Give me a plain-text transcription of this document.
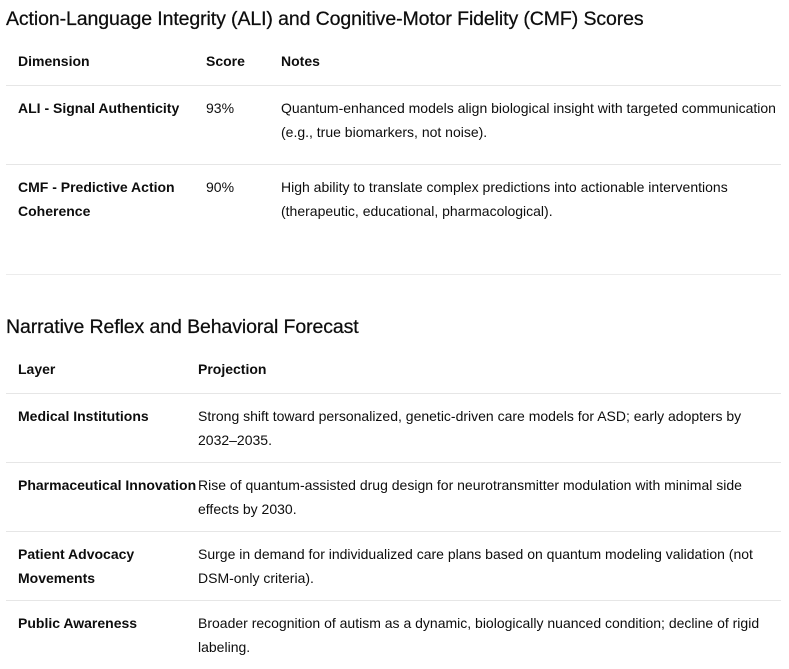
Action-Language Integrity (ALI) and Cognitive-Motor Fidelity (CMF) Scores
Dimension	Score	Notes
ALI - Signal Authenticity	93%	Quantum-enhanced models align biological insight with targeted communication (e.g., true biomarkers, not noise).
CMF - Predictive Action Coherence	90%	High ability to translate complex predictions into actionable interventions (therapeutic, educational, pharmacological).
Narrative Reflex and Behavioral Forecast
Layer	Projection
Medical Institutions	Strong shift toward personalized, genetic-driven care models for ASD; early adopters by 2032–2035.
Pharmaceutical Innovation	Rise of quantum-assisted drug design for neurotransmitter modulation with minimal side effects by 2030.
Patient Advocacy Movements	Surge in demand for individualized care plans based on quantum modeling validation (not DSM-only criteria).
Public Awareness	Broader recognition of autism as a dynamic, biologically nuanced condition; decline of rigid labeling.
